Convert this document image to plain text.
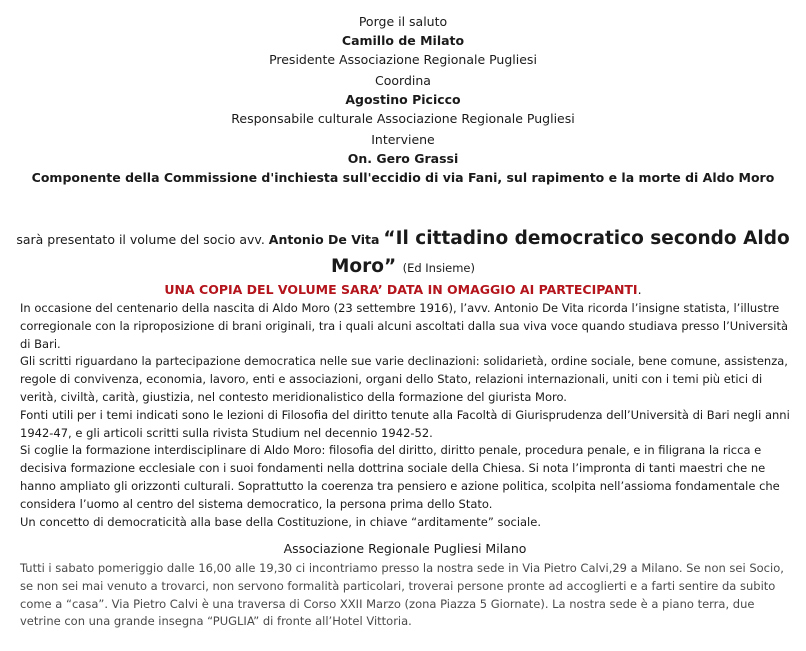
Porge il saluto
Camillo de Milato
Presidente Associazione Regionale Pugliesi
Coordina
Agostino Picicco
Responsabile culturale Associazione Regionale Pugliesi
Interviene
On. Gero Grassi
Componente della Commissione d'inchiesta sull'eccidio di via Fani, sul rapimento e la morte di Aldo Moro
sarà presentato il volume del socio avv. Antonio De Vita “Il cittadino democratico secondo Aldo
Moro” (Ed Insieme)
UNA COPIA DEL VOLUME SARA’ DATA IN OMAGGIO AI PARTECIPANTI.

In occasione del centenario della nascita di Aldo Moro (23 settembre 1916), l’avv. Antonio De Vita ricorda l’insigne statista, l’illustre corregionale con la riproposizione di brani originali, tra i quali alcuni ascoltati dalla sua viva voce quando studiava presso l’Università di Bari.

Gli scritti riguardano la partecipazione democratica nelle sue varie declinazioni: solidarietà, ordine sociale, bene comune, assistenza, regole di convivenza, economia, lavoro, enti e associazioni, organi dello Stato, relazioni internazionali, uniti con i temi più etici di verità, civiltà, carità, giustizia, nel contesto meridionalistico della formazione del giurista Moro.

Fonti utili per i temi indicati sono le lezioni di Filosofia del diritto tenute alla Facoltà di Giurisprudenza dell’Università di Bari negli anni 1942-47, e gli articoli scritti sulla rivista Studium nel decennio 1942-52.

Si coglie la formazione interdisciplinare di Aldo Moro: filosofia del diritto, diritto penale, procedura penale, e in filigrana la ricca e decisiva formazione ecclesiale con i suoi fondamenti nella dottrina sociale della Chiesa. Si nota l’impronta di tanti maestri che ne hanno ampliato gli orizzonti culturali. Soprattutto la coerenza tra pensiero e azione politica, scolpita nell’assioma fondamentale che considera l’uomo al centro del sistema democratico, la persona prima dello Stato.

Un concetto di democraticità alla base della Costituzione, in chiave “arditamente” sociale.

Associazione Regionale Pugliesi Milano

Tutti i sabato pomeriggio dalle 16,00 alle 19,30 ci incontriamo presso la nostra sede in Via Pietro Calvi,29 a Milano. Se non sei Socio, se non sei mai venuto a trovarci, non servono formalità particolari, troverai persone pronte ad accoglierti e a farti sentire da subito come a “casa”. Via Pietro Calvi è una traversa di Corso XXII Marzo (zona Piazza 5 Giornate). La nostra sede è a piano terra, due vetrine con una grande insegna “PUGLIA” di fronte all’Hotel Vittoria.
